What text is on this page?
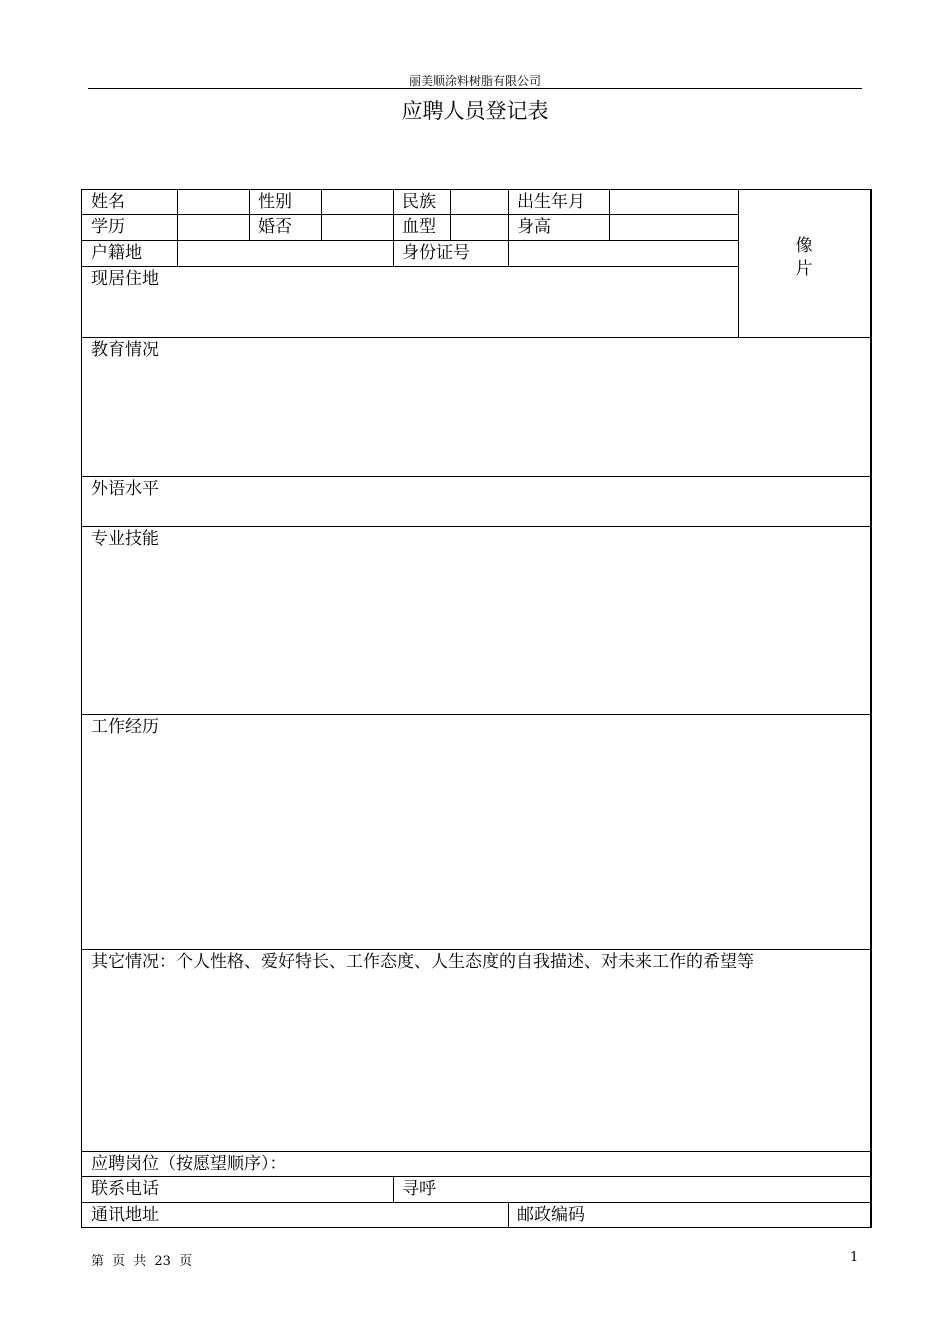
丽美顺涂料树脂有限公司
应聘人员登记表
姓名	性别	民族	出生年月
学历	婚否	血型	身高
户籍地	身份证号
现居住地
像
片
教育情况
外语水平
专业技能
工作经历
其它情况：个人性格、爱好特长、工作态度、人生态度的自我描述、对未来工作的希望等
应聘岗位（按愿望顺序）：
联系电话	寻呼
通讯地址	邮政编码
第 页 共 23 页	1
